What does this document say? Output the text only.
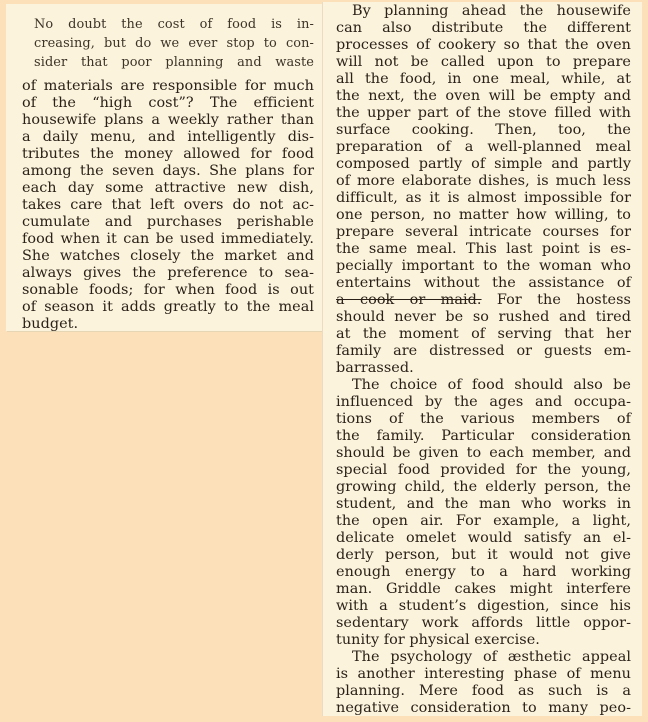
No doubt the cost of food is in-
creasing, but do we ever stop to con-
sider that poor planning and waste
of materials are responsible for much
of the “high cost”? The efficient
housewife plans a weekly rather than
a daily menu, and intelligently dis-
tributes the money allowed for food
among the seven days. She plans for
each day some attractive new dish,
takes care that left overs do not ac-
cumulate and purchases perishable
food when it can be used immediately.
She watches closely the market and
always gives the preference to sea-
sonable foods; for when food is out
of season it adds greatly to the meal
budget.
By planning ahead the housewife
can also distribute the different
processes of cookery so that the oven
will not be called upon to prepare
all the food, in one meal, while, at
the next, the oven will be empty and
the upper part of the stove filled with
surface cooking. Then, too, the
preparation of a well-planned meal
composed partly of simple and partly
of more elaborate dishes, is much less
difficult, as it is almost impossible for
one person, no matter how willing, to
prepare several intricate courses for
the same meal. This last point is es-
pecially important to the woman who
entertains without the assistance of
a cook or maid. For the hostess
should never be so rushed and tired
at the moment of serving that her
family are distressed or guests em-
barrassed.
The choice of food should also be
influenced by the ages and occupa-
tions of the various members of
the family. Particular consideration
should be given to each member, and
special food provided for the young,
growing child, the elderly person, the
student, and the man who works in
the open air. For example, a light,
delicate omelet would satisfy an el-
derly person, but it would not give
enough energy to a hard working
man. Griddle cakes might interfere
with a student’s digestion, since his
sedentary work affords little oppor-
tunity for physical exercise.
The psychology of æsthetic appeal
is another interesting phase of menu
planning. Mere food as such is a
negative consideration to many peo-
